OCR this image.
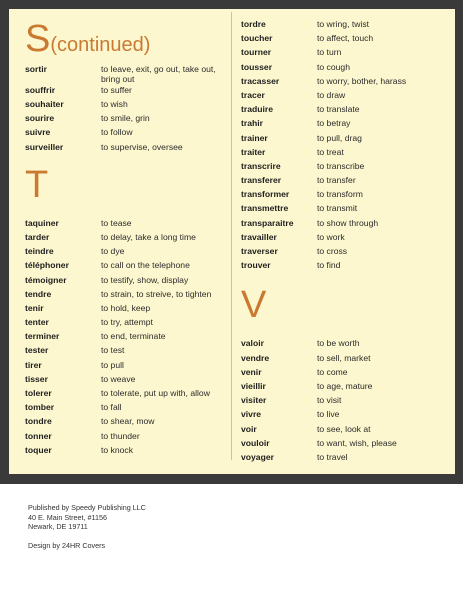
S(continued)
sortir	to leave, exit, go out, take out, bring out
souffrir	to suffer
souhaiter	to wish
sourire	to smile, grin
suivre	to follow
surveiller	to supervise, oversee
T
taquiner	to tease
tarder	to delay, take a long time
teindre	to dye
téléphoner	to call on the telephone
témoigner	to testify, show, display
tendre	to strain, to streive, to tighten
tenir	to hold, keep
tenter	to try, attempt
terminer	to end, terminate
tester	to test
tirer	to pull
tisser	to weave
tolerer	to tolerate, put up with, allow
tomber	to fall
tondre	to shear, mow
tonner	to thunder
toquer	to knock
tordre	to wring, twist
toucher	to affect, touch
tourner	to turn
tousser	to cough
tracasser	to worry, bother, harass
tracer	to draw
traduire	to translate
trahir	to betray
trainer	to pull, drag
traiter	to treat
transcrire	to transcribe
transferer	to transfer
transformer	to transform
transmettre	to transmit
transparaitre	to show through
travailler	to work
traverser	to cross
trouver	to find
V
valoir	to be worth
vendre	to sell, market
venir	to come
vieillir	to age, mature
visiter	to visit
vivre	to live
voir	to see, look at
vouloir	to want, wish, please
voyager	to travel
Published by Speedy Publishing LLC
40 E. Main Street, #1156
Newark, DE 19711
Design by 24HR Covers
